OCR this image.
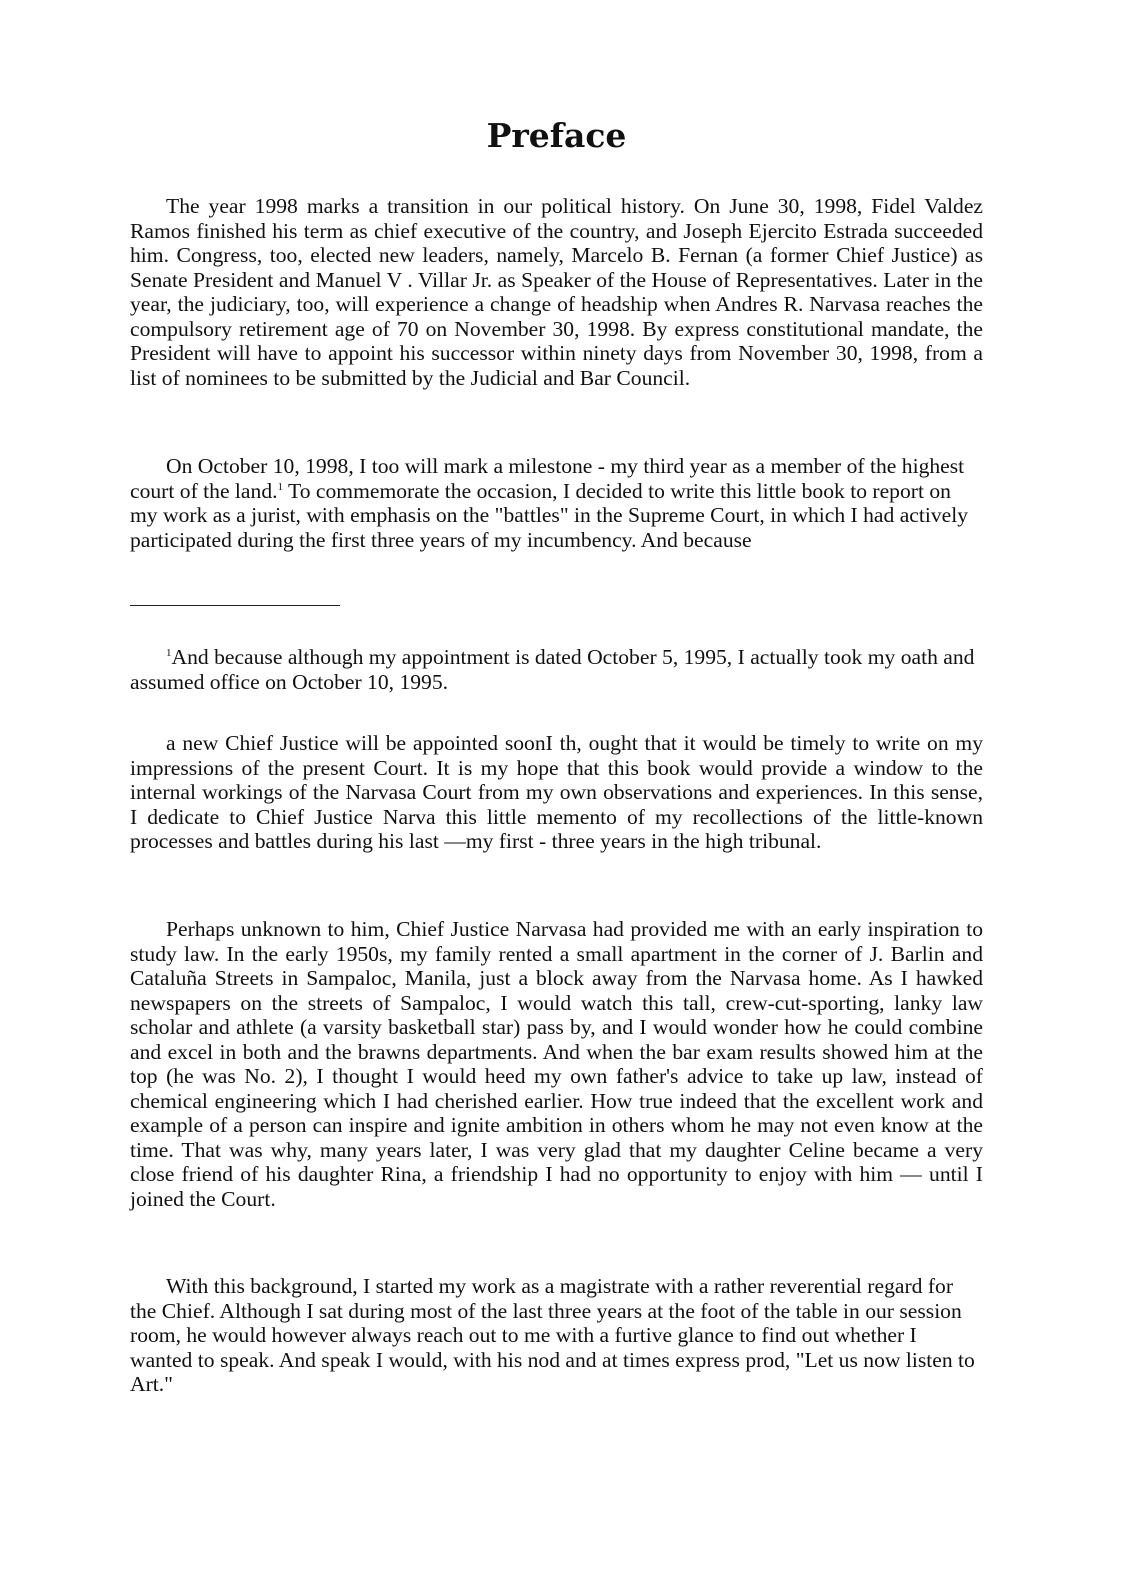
Preface

The year 1998 marks a transition in our political history. On June 30, 1998, Fidel Valdez Ramos finished his term as chief executive of the country, and Joseph Ejercito Estrada succeeded him. Congress, too, elected new leaders, namely, Marcelo B. Fernan (a former Chief Justice) as Senate President and Manuel V . Villar Jr. as Speaker of the House of Representatives. Later in the year, the judiciary, too, will experience a change of headship when Andres R. Narvasa reaches the compulsory retirement age of 70 on November 30, 1998. By express constitutional mandate, the President will have to appoint his successor within ninety days from November 30, 1998, from a list of nominees to be submitted by the Judicial and Bar Council.

On October 10, 1998, I too will mark a milestone - my third year as a member of the highest court of the land.$^1$ To commemorate the occasion, I decided to write this little book to report on my work as a jurist, with emphasis on the "battles" in the Supreme Court, in which I had actively participated during the first three years of my incumbency. And because

$^1$And because although my appointment is dated October 5, 1995, I actually took my oath and assumed office on October 10, 1995.

a new Chief Justice will be appointed soonI th, ought that it would be timely to write on my impressions of the present Court. It is my hope that this book would provide a window to the internal workings of the Narvasa Court from my own observations and experiences. In this sense, I dedicate to Chief Justice Narva this little memento of my recollections of the little-known processes and battles during his last —my first - three years in the high tribunal.

Perhaps unknown to him, Chief Justice Narvasa had provided me with an early inspiration to study law. In the early 1950s, my family rented a small apartment in the corner of J. Barlin and Cataluña Streets in Sampaloc, Manila, just a block away from the Narvasa home. As I hawked newspapers on the streets of Sampaloc, I would watch this tall, crew-cut-sporting, lanky law scholar and athlete (a varsity basketball star) pass by, and I would wonder how he could combine and excel in both and the brawns departments. And when the bar exam results showed him at the top (he was No. 2), I thought I would heed my own father's advice to take up law, instead of chemical engineering which I had cherished earlier. How true indeed that the excellent work and example of a person can inspire and ignite ambition in others whom he may not even know at the time. That was why, many years later, I was very glad that my daughter Celine became a very close friend of his daughter Rina, a friendship I had no opportunity to enjoy with him — until I joined the Court.

With this background, I started my work as a magistrate with a rather reverential regard for the Chief. Although I sat during most of the last three years at the foot of the table in our session room, he would however always reach out to me with a furtive glance to find out whether I wanted to speak. And speak I would, with his nod and at times express prod, "Let us now listen to Art."
